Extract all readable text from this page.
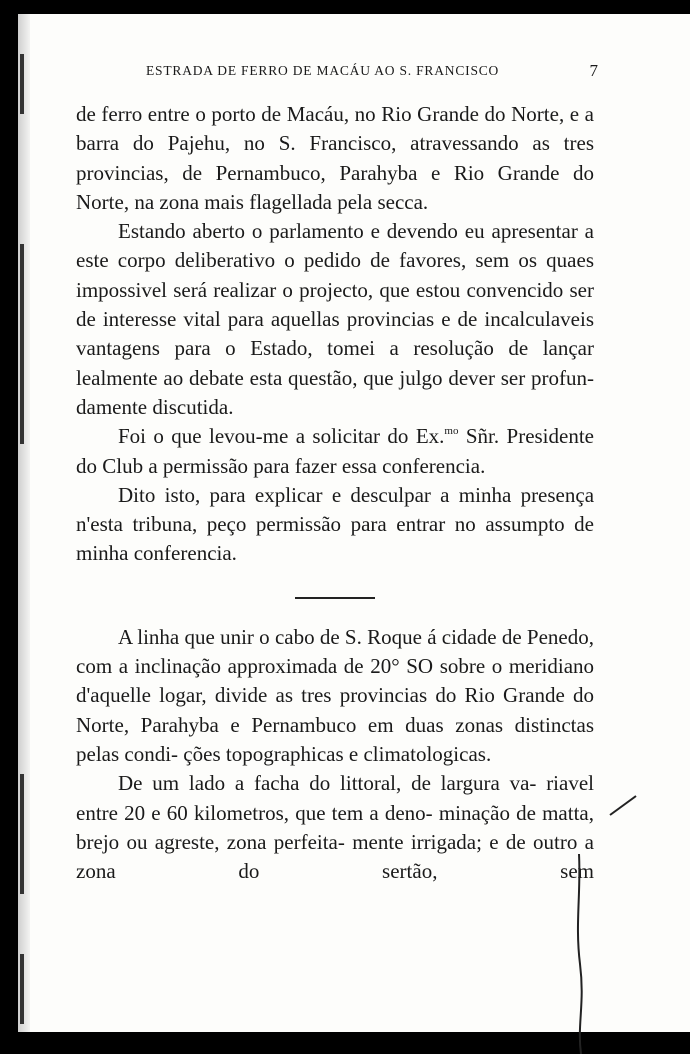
ESTRADA DE FERRO DE MACÁU AO S. FRANCISCO	7

de ferro entre o porto de Macáu, no Rio Grande do Norte, e a barra do Pajehu, no S. Francisco, atravessando as tres provincias, de Pernambuco, Parahyba e Rio Grande do Norte, na zona mais flagellada pela secca.

Estando aberto o parlamento e devendo eu apresentar a este corpo deliberativo o pedido de favores, sem os quaes impossivel será realizar o projecto, que estou convencido ser de interesse vital para aquellas provincias e de incalculaveis vantagens para o Estado, tomei a resolução de lançar lealmente ao debate esta questão, que julgo dever ser profun- damente discutida.

Foi o que levou-me a solicitar do Ex.$^{mo}$ Sñr. Presidente do Club a permissão para fazer essa conferencia.

Dito isto, para explicar e desculpar a minha presença n'esta tribuna, peço permissão para entrar no assumpto de minha conferencia.

A linha que unir o cabo de S. Roque á cidade de Penedo, com a inclinação approximada de 20° SO sobre o meridiano d'aquelle logar, divide as tres provincias do Rio Grande do Norte, Parahyba e Pernambuco em duas zonas distinctas pelas condi- ções topographicas e climatologicas.

De um lado a facha do littoral, de largura va- riavel entre 20 e 60 kilometros, que tem a deno- minação de matta, brejo ou agreste, zona perfeita- mente irrigada; e de outro a zona do sertão, sem
